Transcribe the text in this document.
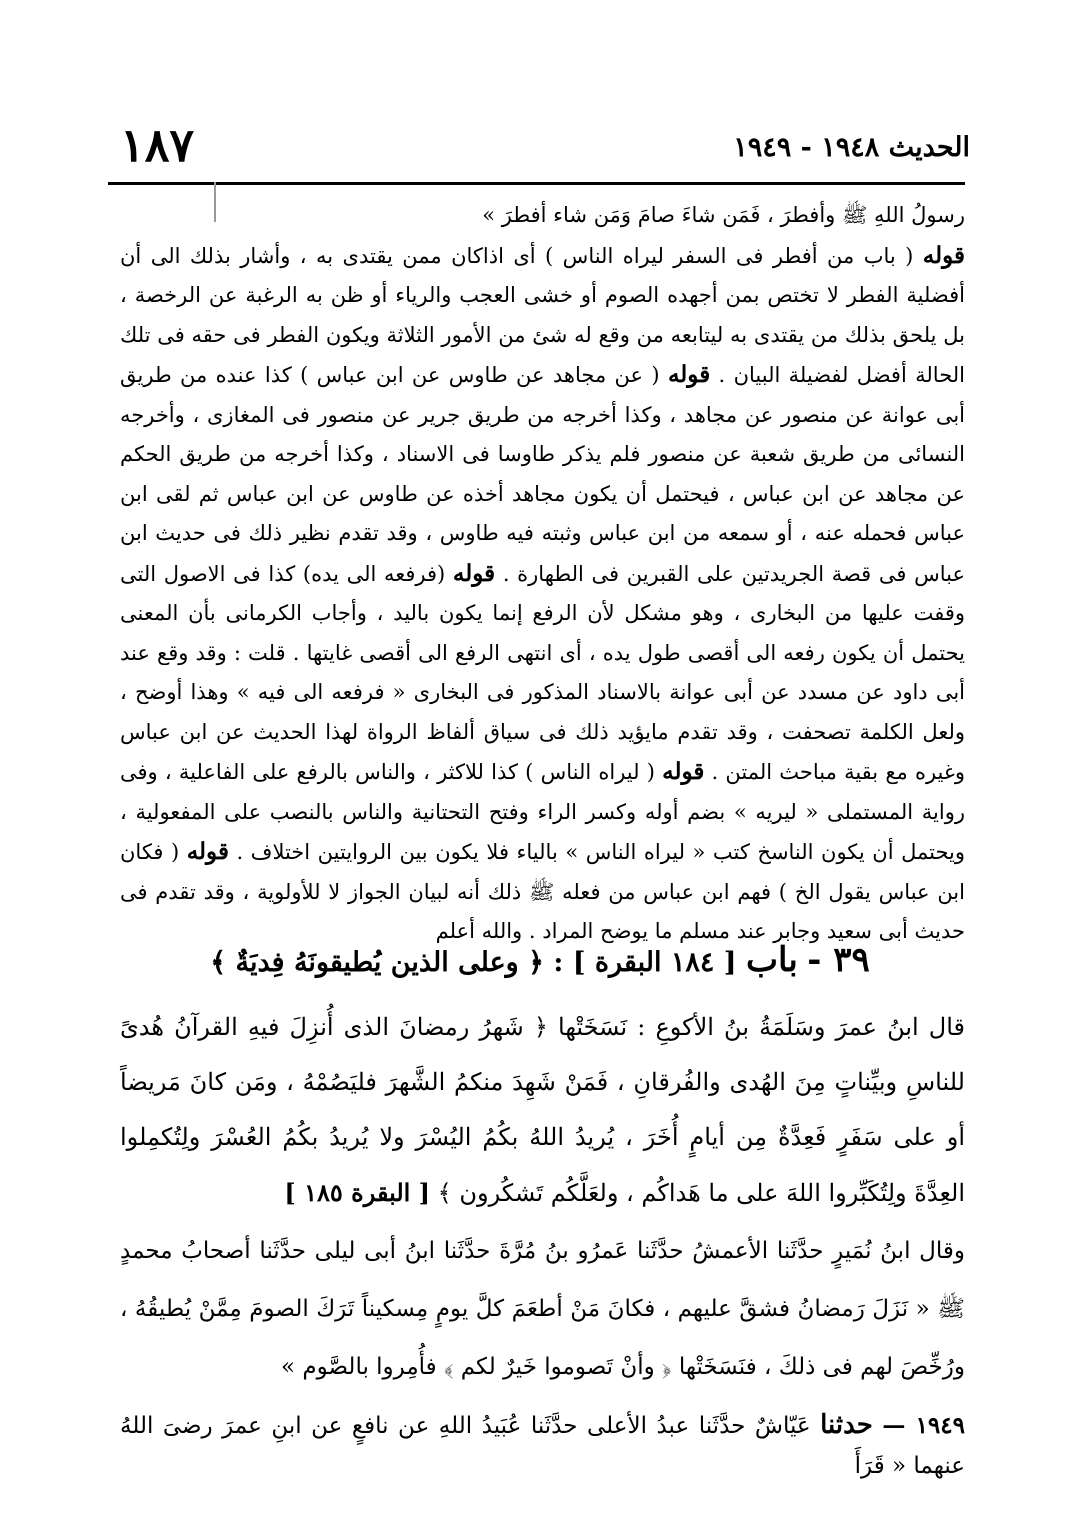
الحديث ١٩٤٨ - ١٩٤٩
١٨٧

رسولُ اللهِ ﷺ وأفطرَ ، فَمَن شاءَ صامَ وَمَن شاء أفطرَ »

قوله ( باب من أفطر فى السفر ليراه الناس ) أى اذاكان ممن يقتدى به ، وأشار بذلك الى أن أفضلية الفطر لا تختص بمن أجهده الصوم أو خشى العجب والرياء أو ظن به الرغبة عن الرخصة ، بل يلحق بذلك من يقتدى به ليتابعه من وقع له شئ من الأمور الثلاثة ويكون الفطر فى حقه فى تلك الحالة أفضل لفضيلة البيان . قوله ( عن مجاهد عن طاوس عن ابن عباس ) كذا عنده من طريق أبى عوانة عن منصور عن مجاهد ، وكذا أخرجه من طريق جرير عن منصور فى المغازى ، وأخرجه النسائى من طريق شعبة عن منصور فلم يذكر طاوسا فى الاسناد ، وكذا أخرجه من طريق الحكم عن مجاهد عن ابن عباس ، فيحتمل أن يكون مجاهد أخذه عن طاوس عن ابن عباس ثم لقى ابن عباس فحمله عنه ، أو سمعه من ابن عباس وثبته فيه طاوس ، وقد تقدم نظير ذلك فى حديث ابن عباس فى قصة الجريدتين على القبرين فى الطهارة . قوله (فرفعه الى يده) كذا فى الاصول التى وقفت عليها من البخارى ، وهو مشكل لأن الرفع إنما يكون باليد ، وأجاب الكرمانى بأن المعنى يحتمل أن يكون رفعه الى أقصى طول يده ، أى انتهى الرفع الى أقصى غايتها . قلت : وقد وقع عند أبى داود عن مسدد عن أبى عوانة بالاسناد المذكور فى البخارى « فرفعه الى فيه » وهذا أوضح ، ولعل الكلمة تصحفت ، وقد تقدم مايؤيد ذلك فى سياق ألفاظ الرواة لهذا الحديث عن ابن عباس وغيره مع بقية مباحث المتن . قوله ( ليراه الناس ) كذا للاكثر ، والناس بالرفع على الفاعلية ، وفى رواية المستملى « ليريه » بضم أوله وكسر الراء وفتح التحتانية والناس بالنصب على المفعولية ، ويحتمل أن يكون الناسخ كتب « ليراه الناس » بالياء فلا يكون بين الروايتين اختلاف . قوله ( فكان ابن عباس يقول الخ ) فهم ابن عباس من فعله ﷺ ذلك أنه لبيان الجواز لا للأولوية ، وقد تقدم فى حديث أبى سعيد وجابر عند مسلم ما يوضح المراد . والله أعلم

٣٩ - باب [ ١٨٤ البقرة ] : ﴿ وعلى الذين يُطيقونَهُ فِديَةٌ ﴾

قال ابنُ عمرَ وسَلَمَةُ بنُ الأكوعِ : نَسَخَتْها ﴿ شَهرُ رمضانَ الذى أُنزِلَ فيهِ القرآنُ هُدىً للناسِ وبيِّناتٍ مِنَ الهُدى والفُرقانِ ، فَمَنْ شَهِدَ منكمُ الشَّهرَ فليَصُمْهُ ، ومَن كانَ مَريضاً أو على سَفَرٍ فَعِدَّةٌ مِن أيامٍ أُخَرَ ، يُريدُ اللهُ بكُمُ اليُسْرَ ولا يُريدُ بكُمُ العُسْرَ ولِتُكمِلوا العِدَّةَ ولِتُكَبِّروا اللهَ على ما هَداكُم ، ولعَلَّكُم تَشكُرون ﴾ [ البقرة ١٨٥ ]

وقال ابنُ نُمَيرٍ حدَّثَنا الأعمشُ حدَّثَنا عَمرُو بنُ مُرَّةَ حدَّثَنا ابنُ أبى ليلى حدَّثَنا أصحابُ محمدٍ ﷺ « نَزَلَ رَمضانُ فشقَّ عليهم ، فكانَ مَنْ أطعَمَ كلَّ يومٍ مِسكيناً تَرَكَ الصومَ مِمَّنْ يُطيقُهُ ، ورُخِّصَ لهم فى ذلكَ ، فنَسَخَتْها ﴿ وأنْ تَصوموا خَيرٌ لكم ﴾ فأُمِروا بالصَّوم »

١٩٤٩ — حدثنا عَيّاشٌ حدَّثَنا عبدُ الأعلى حدَّثَنا عُبَيدُ اللهِ عن نافعٍ عن ابنِ عمرَ رضىَ اللهُ عنهما « قَرَأَ
